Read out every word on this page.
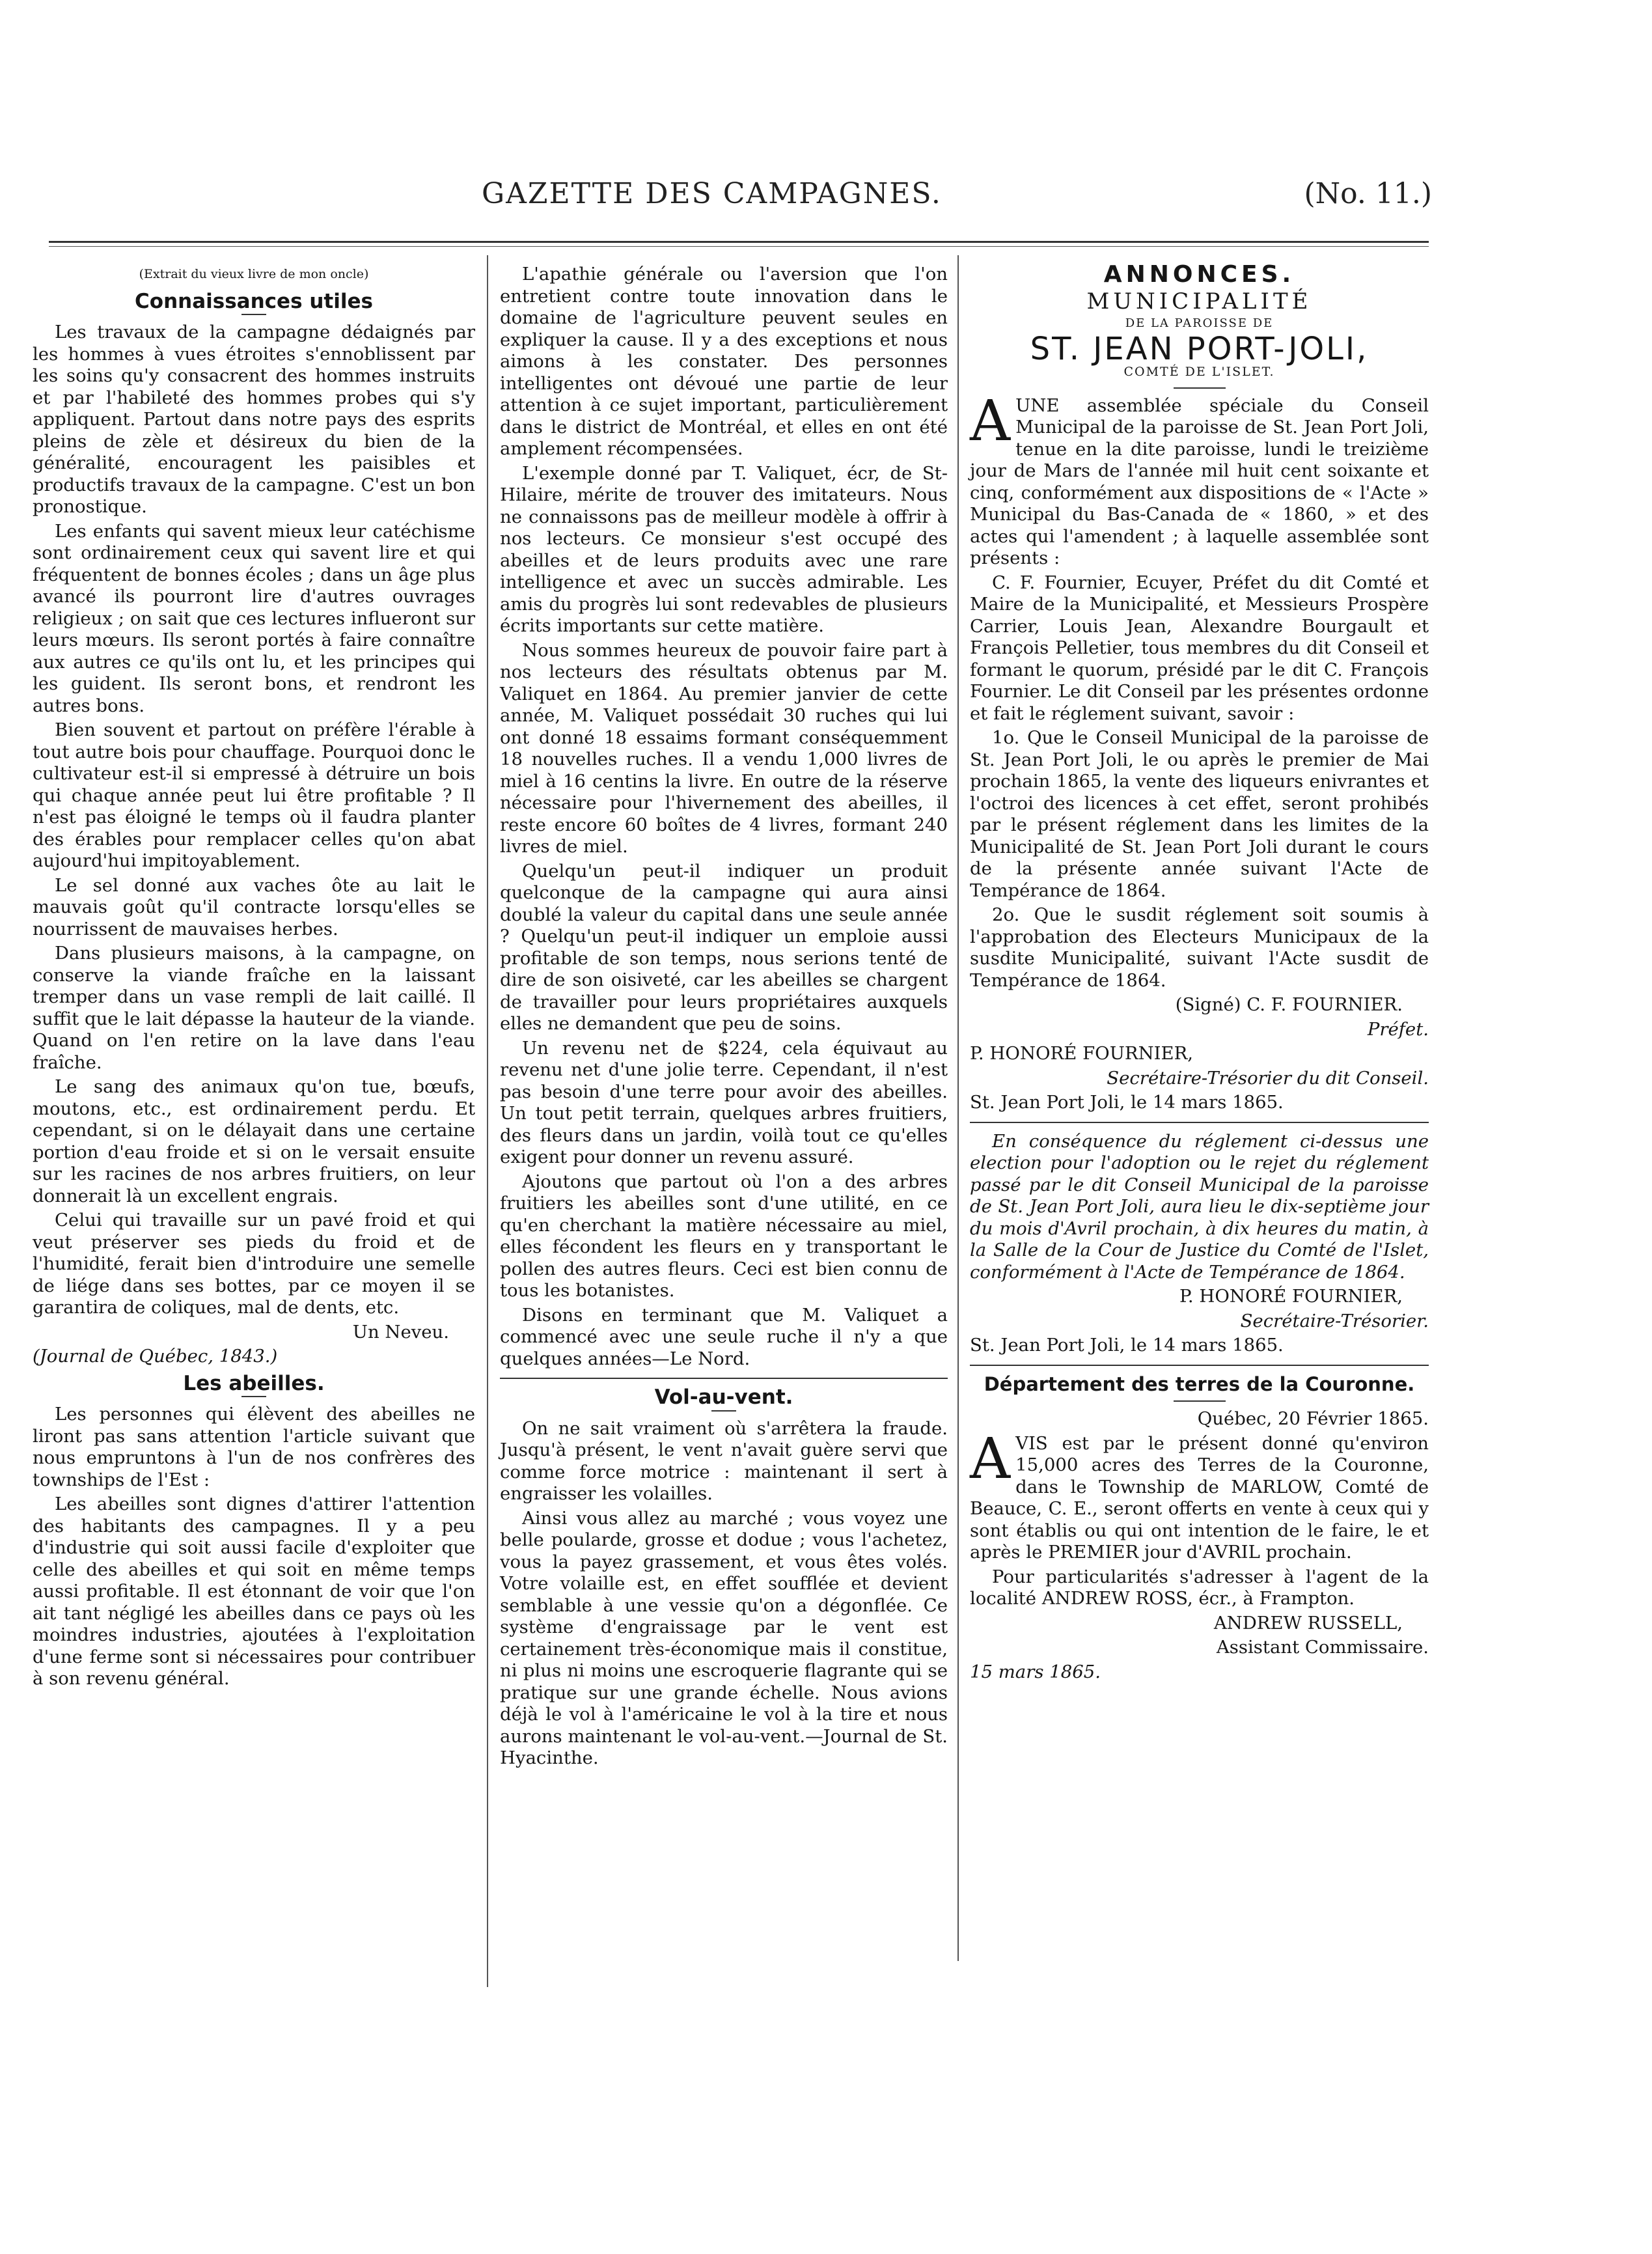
GAZETTE DES CAMPAGNES.	(No. 11.)

(Extrait du vieux livre de mon oncle)

Connaissances utiles

Les travaux de la campagne dédaignés par les hommes à vues étroites s'ennoblissent par les soins qu'y consacrent des hommes instruits et par l'habileté des hommes probes qui s'y appliquent. Partout dans notre pays des esprits pleins de zèle et désireux du bien de la généralité, encouragent les paisibles et productifs travaux de la campagne. C'est un bon pronostique.

Les enfants qui savent mieux leur catéchisme sont ordinairement ceux qui savent lire et qui fréquentent de bonnes écoles ; dans un âge plus avancé ils pourront lire d'autres ouvrages religieux ; on sait que ces lectures influeront sur leurs mœurs. Ils seront portés à faire connaître aux autres ce qu'ils ont lu, et les principes qui les guident. Ils seront bons, et rendront les autres bons.

Bien souvent et partout on préfère l'érable à tout autre bois pour chauffage. Pourquoi donc le cultivateur est-il si empressé à détruire un bois qui chaque année peut lui être profitable ? Il n'est pas éloigné le temps où il faudra planter des érables pour remplacer celles qu'on abat aujourd'hui impitoyablement.

Le sel donné aux vaches ôte au lait le mauvais goût qu'il contracte lorsqu'elles se nourrissent de mauvaises herbes.

Dans plusieurs maisons, à la campagne, on conserve la viande fraîche en la laissant tremper dans un vase rempli de lait caillé. Il suffit que le lait dépasse la hauteur de la viande. Quand on l'en retire on la lave dans l'eau fraîche.

Le sang des animaux qu'on tue, bœufs, moutons, etc., est ordinairement perdu. Et cependant, si on le délayait dans une certaine portion d'eau froide et si on le versait ensuite sur les racines de nos arbres fruitiers, on leur donnerait là un excellent engrais.

Celui qui travaille sur un pavé froid et qui veut préserver ses pieds du froid et de l'humidité, ferait bien d'introduire une semelle de liége dans ses bottes, par ce moyen il se garantira de coliques, mal de dents, etc.

Un Neveu.

(Journal de Québec, 1843.)

Les abeilles.

Les personnes qui élèvent des abeilles ne liront pas sans attention l'article suivant que nous empruntons à l'un de nos confrères des townships de l'Est :

Les abeilles sont dignes d'attirer l'attention des habitants des campagnes. Il y a peu d'industrie qui soit aussi facile d'exploiter que celle des abeilles et qui soit en même temps aussi profitable. Il est étonnant de voir que l'on ait tant négligé les abeilles dans ce pays où les moindres industries, ajoutées à l'exploitation d'une ferme sont si nécessaires pour contribuer à son revenu général.

L'apathie générale ou l'aversion que l'on entretient contre toute innovation dans le domaine de l'agriculture peuvent seules en expliquer la cause. Il y a des exceptions et nous aimons à les constater. Des personnes intelligentes ont dévoué une partie de leur attention à ce sujet important, particulièrement dans le district de Montréal, et elles en ont été amplement récompensées.

L'exemple donné par T. Valiquet, écr, de St-Hilaire, mérite de trouver des imitateurs. Nous ne connaissons pas de meilleur modèle à offrir à nos lecteurs. Ce monsieur s'est occupé des abeilles et de leurs produits avec une rare intelligence et avec un succès admirable. Les amis du progrès lui sont redevables de plusieurs écrits importants sur cette matière.

Nous sommes heureux de pouvoir faire part à nos lecteurs des résultats obtenus par M. Valiquet en 1864. Au premier janvier de cette année, M. Valiquet possédait 30 ruches qui lui ont donné 18 essaims formant conséquemment 18 nouvelles ruches. Il a vendu 1,000 livres de miel à 16 centins la livre. En outre de la réserve nécessaire pour l'hivernement des abeilles, il reste encore 60 boîtes de 4 livres, formant 240 livres de miel.

Quelqu'un peut-il indiquer un produit quelconque de la campagne qui aura ainsi doublé la valeur du capital dans une seule année ? Quelqu'un peut-il indiquer un emploie aussi profitable de son temps, nous serions tenté de dire de son oisiveté, car les abeilles se chargent de travailler pour leurs propriétaires auxquels elles ne demandent que peu de soins.

Un revenu net de $224, cela équivaut au revenu net d'une jolie terre. Cependant, il n'est pas besoin d'une terre pour avoir des abeilles. Un tout petit terrain, quelques arbres fruitiers, des fleurs dans un jardin, voilà tout ce qu'elles exigent pour donner un revenu assuré.

Ajoutons que partout où l'on a des arbres fruitiers les abeilles sont d'une utilité, en ce qu'en cherchant la matière nécessaire au miel, elles fécondent les fleurs en y transportant le pollen des autres fleurs. Ceci est bien connu de tous les botanistes.

Disons en terminant que M. Valiquet a commencé avec une seule ruche il n'y a que quelques années—Le Nord.

Vol-au-vent.

On ne sait vraiment où s'arrêtera la fraude. Jusqu'à présent, le vent n'avait guère servi que comme force motrice : maintenant il sert à engraisser les volailles.

Ainsi vous allez au marché ; vous voyez une belle poularde, grosse et dodue ; vous l'achetez, vous la payez grassement, et vous êtes volés. Votre volaille est, en effet soufflée et devient semblable à une vessie qu'on a dégonflée. Ce système d'engraissage par le vent est certainement très-économique mais il constitue, ni plus ni moins une escroquerie flagrante qui se pratique sur une grande échelle. Nous avions déjà le vol à l'américaine le vol à la tire et nous aurons maintenant le vol-au-vent.—Journal de St. Hyacinthe.

ANNONCES.
MUNICIPALITÉ
DE LA PAROISSE DE
ST. JEAN PORT-JOLI,
COMTÉ DE L'ISLET.

AUNE assemblée spéciale du Conseil Municipal de la paroisse de St. Jean Port Joli, tenue en la dite paroisse, lundi le treizième jour de Mars de l'année mil huit cent soixante et cinq, conformément aux dispositions de « l'Acte » Municipal du Bas-Canada de « 1860, » et des actes qui l'amendent ; à laquelle assemblée sont présents :

C. F. Fournier, Ecuyer, Préfet du dit Comté et Maire de la Municipalité, et Messieurs Prospère Carrier, Louis Jean, Alexandre Bourgault et François Pelletier, tous membres du dit Conseil et formant le quorum, présidé par le dit C. François Fournier. Le dit Conseil par les présentes ordonne et fait le réglement suivant, savoir :

1o. Que le Conseil Municipal de la paroisse de St. Jean Port Joli, le ou après le premier de Mai prochain 1865, la vente des liqueurs enivrantes et l'octroi des licences à cet effet, seront prohibés par le présent réglement dans les limites de la Municipalité de St. Jean Port Joli durant le cours de la présente année suivant l'Acte de Tempérance de 1864.

2o. Que le susdit réglement soit soumis à l'approbation des Electeurs Municipaux de la susdite Municipalité, suivant l'Acte susdit de Tempérance de 1864.

(Signé) C. F. FOURNIER.

Préfet.

P. HONORÉ FOURNIER,

Secrétaire-Trésorier du dit Conseil.

St. Jean Port Joli, le 14 mars 1865.

En conséquence du réglement ci-dessus une election pour l'adoption ou le rejet du réglement passé par le dit Conseil Municipal de la paroisse de St. Jean Port Joli, aura lieu le dix-septième jour du mois d'Avril prochain, à dix heures du matin, à la Salle de la Cour de Justice du Comté de l'Islet, conformément à l'Acte de Tempérance de 1864.

P. HONORÉ FOURNIER,

Secrétaire-Trésorier.

St. Jean Port Joli, le 14 mars 1865.

Département des terres de la Couronne.

Québec, 20 Février 1865.

AVIS est par le présent donné qu'environ 15,000 acres des Terres de la Couronne, dans le Township de MARLOW, Comté de Beauce, C. E., seront offerts en vente à ceux qui y sont établis ou qui ont intention de le faire, le et après le PREMIER jour d'AVRIL prochain.

Pour particularités s'adresser à l'agent de la localité ANDREW ROSS, écr., à Frampton.

ANDREW RUSSELL,

Assistant Commissaire.

15 mars 1865.
